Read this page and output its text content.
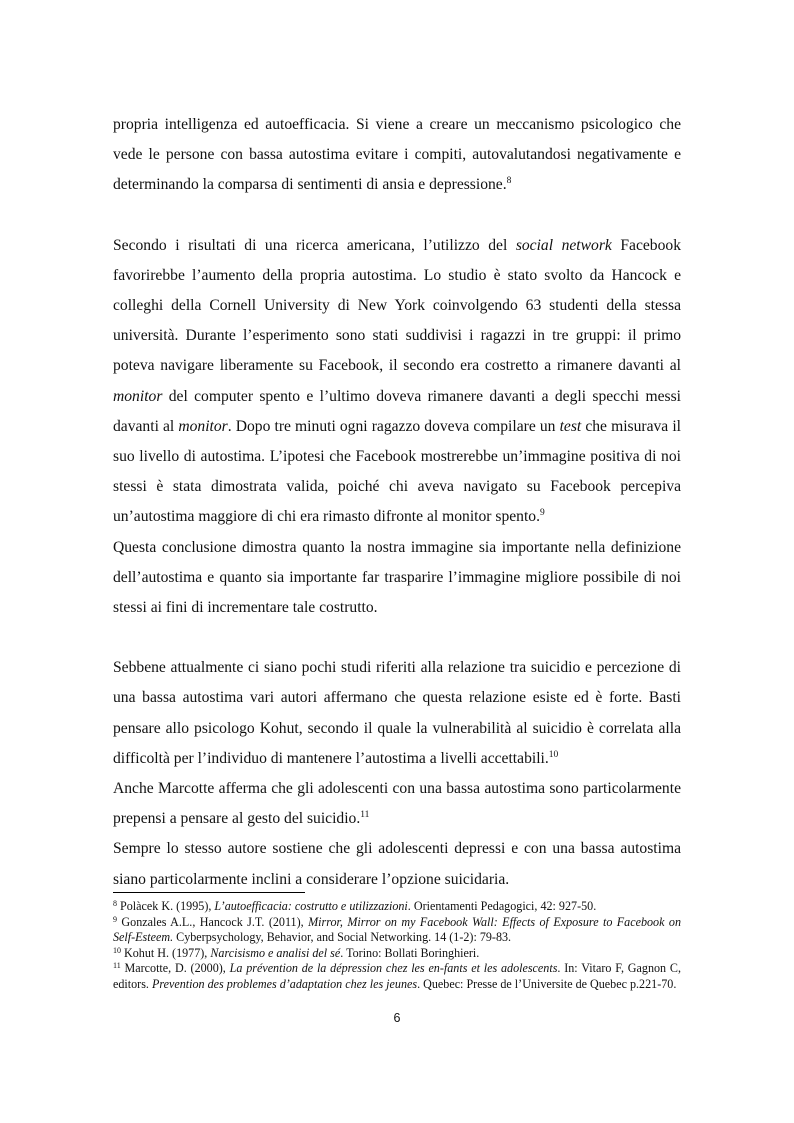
propria intelligenza ed autoefficacia. Si viene a creare un meccanismo psicologico che vede le persone con bassa autostima evitare i compiti, autovalutandosi negativamente e determinando la comparsa di sentimenti di ansia e depressione.$^8$

Secondo i risultati di una ricerca americana, l’utilizzo del social network Facebook favorirebbe l’aumento della propria autostima. Lo studio è stato svolto da Hancock e colleghi della Cornell University di New York coinvolgendo 63 studenti della stessa università. Durante l’esperimento sono stati suddivisi i ragazzi in tre gruppi: il primo poteva navigare liberamente su Facebook, il secondo era costretto a rimanere davanti al monitor del computer spento e l’ultimo doveva rimanere davanti a degli specchi messi davanti al monitor. Dopo tre minuti ogni ragazzo doveva compilare un test che misurava il suo livello di autostima. L’ipotesi che Facebook mostrerebbe un’immagine positiva di noi stessi è stata dimostrata valida, poiché chi aveva navigato su Facebook percepiva un’autostima maggiore di chi era rimasto difronte al monitor spento.$^9$

Questa conclusione dimostra quanto la nostra immagine sia importante nella definizione dell’autostima e quanto sia importante far trasparire l’immagine migliore possibile di noi stessi ai fini di incrementare tale costrutto.

Sebbene attualmente ci siano pochi studi riferiti alla relazione tra suicidio e percezione di una bassa autostima vari autori affermano che questa relazione esiste ed è forte. Basti pensare allo psicologo Kohut, secondo il quale la vulnerabilità al suicidio è correlata alla difficoltà per l’individuo di mantenere l’autostima a livelli accettabili.$^{10}$

Anche Marcotte afferma che gli adolescenti con una bassa autostima sono particolarmente prepensi a pensare al gesto del suicidio.$^{11}$

Sempre lo stesso autore sostiene che gli adolescenti depressi e con una bassa autostima siano particolarmente inclini a considerare l’opzione suicidaria.

$^8$ Polàcek K. (1995), L’autoefficacia: costrutto e utilizzazioni. Orientamenti Pedagogici, 42: 927-50.

$^9$ Gonzales A.L., Hancock J.T. (2011), Mirror, Mirror on my Facebook Wall: Effects of Exposure to Facebook on Self-Esteem. Cyberpsychology, Behavior, and Social Networking. 14 (1-2): 79-83.

$^{10}$ Kohut H. (1977), Narcisismo e analisi del sé. Torino: Bollati Boringhieri.

$^{11}$ Marcotte, D. (2000), La prévention de la dépression chez les en-fants et les adolescents. In: Vitaro F, Gagnon C, editors. Prevention des problemes d’adaptation chez les jeunes. Quebec: Presse de l’Universite de Quebec p.221-70.

6
